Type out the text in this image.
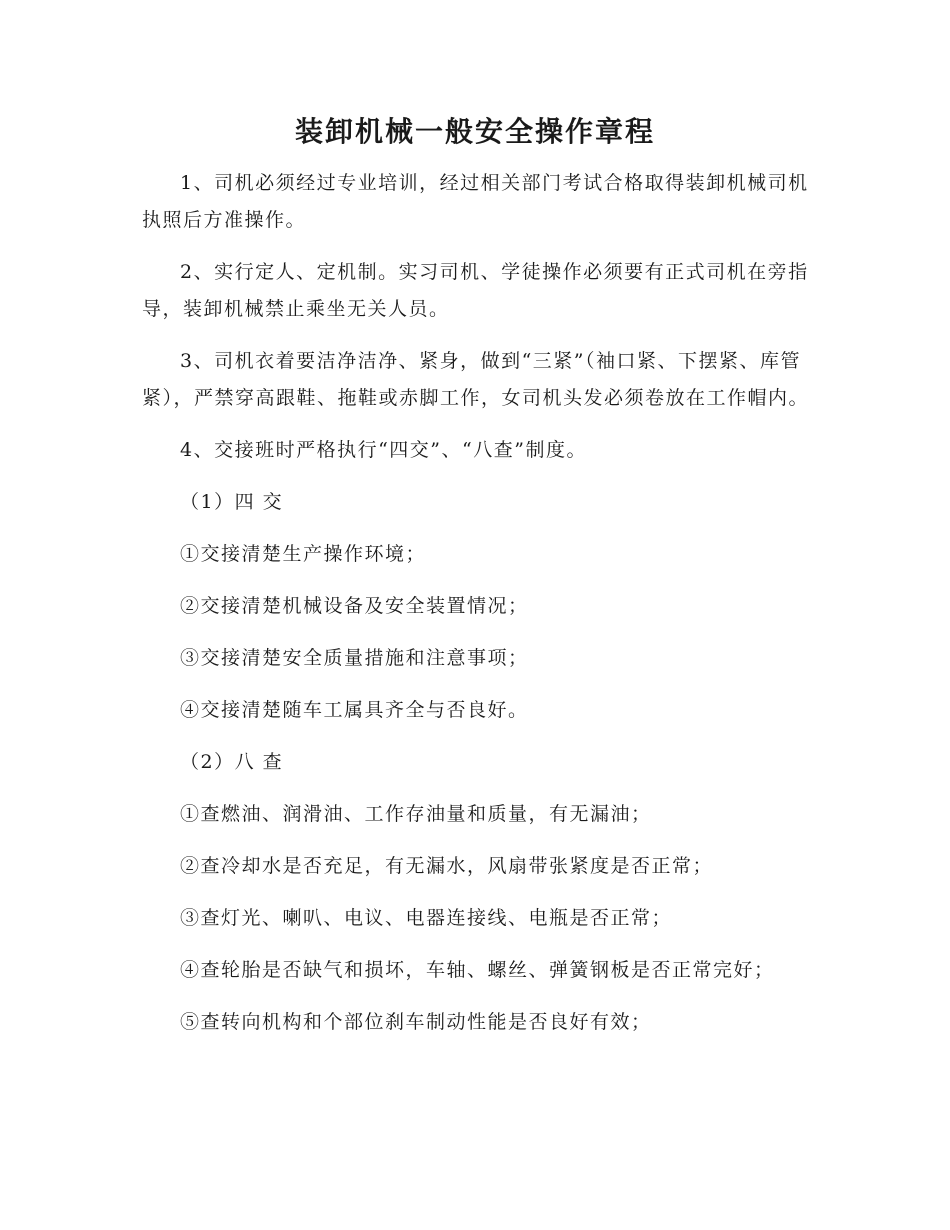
装卸机械一般安全操作章程

1、司机必须经过专业培训，经过相关部门考试合格取得装卸机械司机执照后方准操作。

2、实行定人、定机制。实习司机、学徒操作必须要有正式司机在旁指导，装卸机械禁止乘坐无关人员。

3、司机衣着要洁净洁净、紧身，做到“三紧”（袖口紧、下摆紧、库管紧），严禁穿高跟鞋、拖鞋或赤脚工作，女司机头发必须卷放在工作帽内。

4、交接班时严格执行“四交”、“八查”制度。

（1）四 交

①交接清楚生产操作环境；

②交接清楚机械设备及安全装置情况；

③交接清楚安全质量措施和注意事项；

④交接清楚随车工属具齐全与否良好。

（2）八 查

①查燃油、润滑油、工作存油量和质量，有无漏油；

②查冷却水是否充足，有无漏水，风扇带张紧度是否正常；

③查灯光、喇叭、电议、电器连接线、电瓶是否正常；

④查轮胎是否缺气和损坏，车轴、螺丝、弹簧钢板是否正常完好；

⑤查转向机构和个部位刹车制动性能是否良好有效；
